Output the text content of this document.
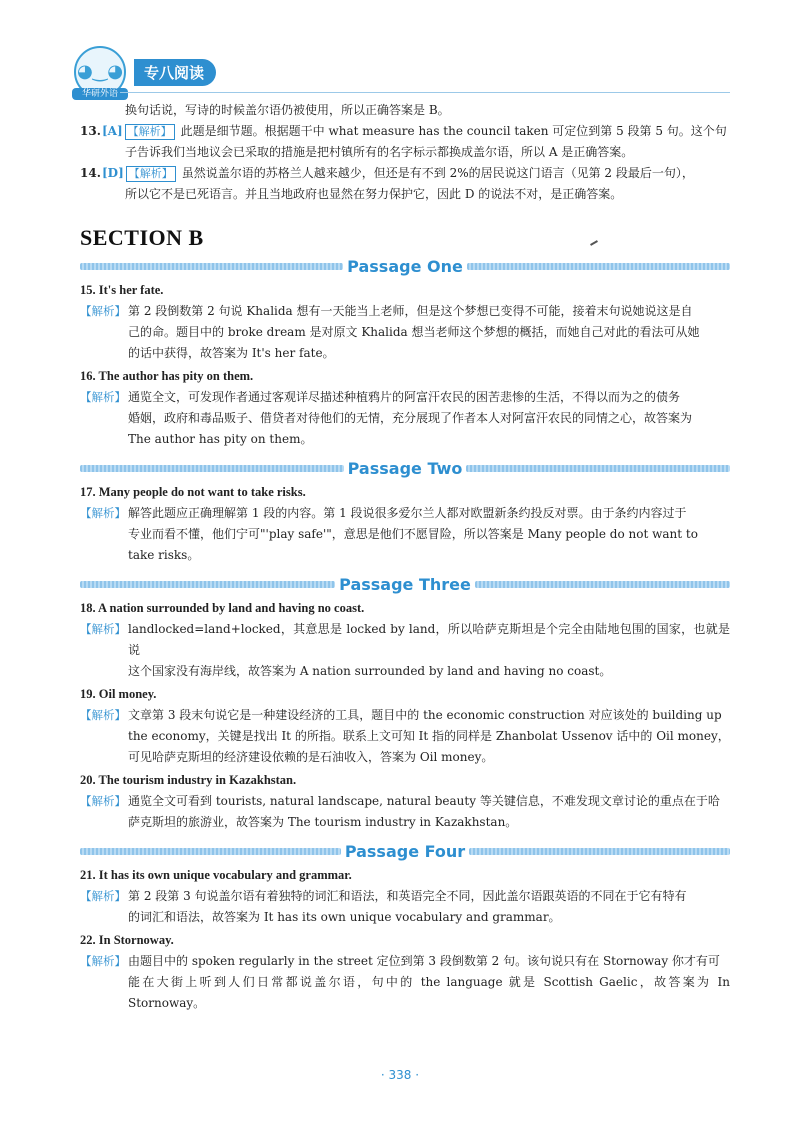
◕‿◕
华研外语
专八阅读

换句话说，写诗的时候盖尔语仍被使用，所以正确答案是 B。

13. [A] 【解析】 此题是细节题。根据题干中 what measure has the council taken 可定位到第 5 段第 5 句。这个句

子告诉我们当地议会已采取的措施是把村镇所有的名字标示都换成盖尔语，所以 A 是正确答案。

14. [D] 【解析】 虽然说盖尔语的苏格兰人越来越少，但还是有不到 2%的居民说这门语言（见第 2 段最后一句），

所以它不是已死语言。并且当地政府也显然在努力保护它，因此 D 的说法不对，是正确答案。

SECTION B
Passage One
15. It's her fate.
【解析】 第 2 段倒数第 2 句说 Khalida 想有一天能当上老师，但是这个梦想已变得不可能，接着末句说她说这是自
己的命。题目中的 broke dream 是对原文 Khalida 想当老师这个梦想的概括，而她自己对此的看法可从她
的话中获得，故答案为 It's her fate。
16. The author has pity on them.
【解析】 通览全文，可发现作者通过客观详尽描述种植鸦片的阿富汗农民的困苦悲惨的生活，不得以而为之的债务
婚姻，政府和毒品贩子、借贷者对待他们的无情，充分展现了作者本人对阿富汗农民的同情之心，故答案为
The author has pity on them。
Passage Two
17. Many people do not want to take risks.
【解析】 解答此题应正确理解第 1 段的内容。第 1 段说很多爱尔兰人都对欧盟新条约投反对票。由于条约内容过于
专业而看不懂，他们宁可"'play safe'"，意思是他们不愿冒险，所以答案是 Many people do not want to
take risks。
Passage Three
18. A nation surrounded by land and having no coast.
【解析】 landlocked=land+locked，其意思是 locked by land，所以哈萨克斯坦是个完全由陆地包围的国家，也就是说
这个国家没有海岸线，故答案为 A nation surrounded by land and having no coast。
19. Oil money.
【解析】 文章第 3 段末句说它是一种建设经济的工具，题目中的 the economic construction 对应该处的 building up
the economy，关键是找出 It 的所指。联系上文可知 It 指的同样是 Zhanbolat Ussenov 话中的 Oil money，
可见哈萨克斯坦的经济建设依赖的是石油收入，答案为 Oil money。
20. The tourism industry in Kazakhstan.
【解析】 通览全文可看到 tourists, natural landscape, natural beauty 等关键信息，不难发现文章讨论的重点在于哈
萨克斯坦的旅游业，故答案为 The tourism industry in Kazakhstan。
Passage Four
21. It has its own unique vocabulary and grammar.
【解析】 第 2 段第 3 句说盖尔语有着独特的词汇和语法，和英语完全不同，因此盖尔语跟英语的不同在于它有特有
的词汇和语法，故答案为 It has its own unique vocabulary and grammar。
22. In Stornoway.
【解析】 由题目中的 spoken regularly in the street 定位到第 3 段倒数第 2 句。该句说只有在 Stornoway 你才有可
能在大街上听到人们日常都说盖尔语，句中的 the language 就是 Scottish Gaelic，故答案为 In Stornoway。
· 338 ·
